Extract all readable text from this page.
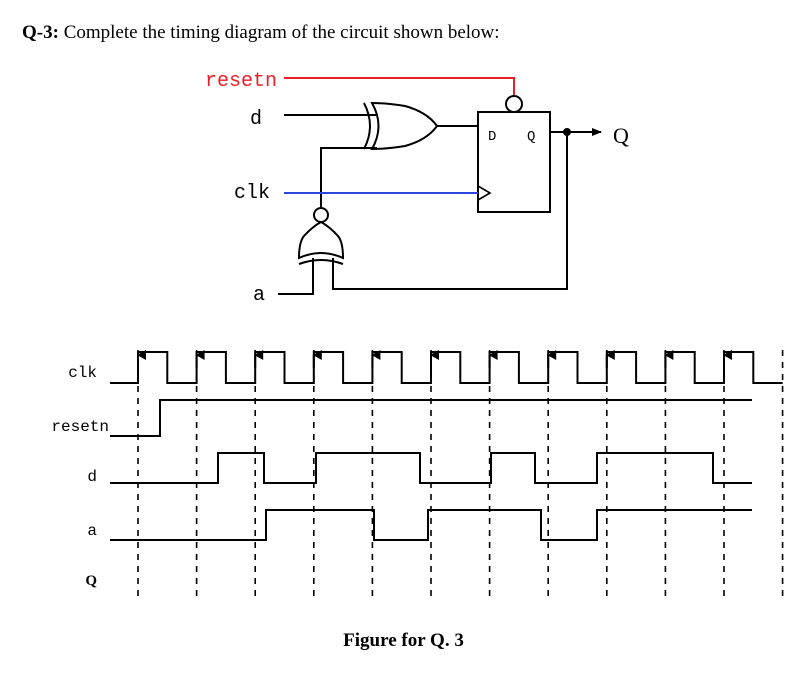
Q-3: Complete the timing diagram of the circuit shown below:
resetn
d
clk
a
Q
D Q
clk
resetn
d
a
Q
Figure for Q. 3
